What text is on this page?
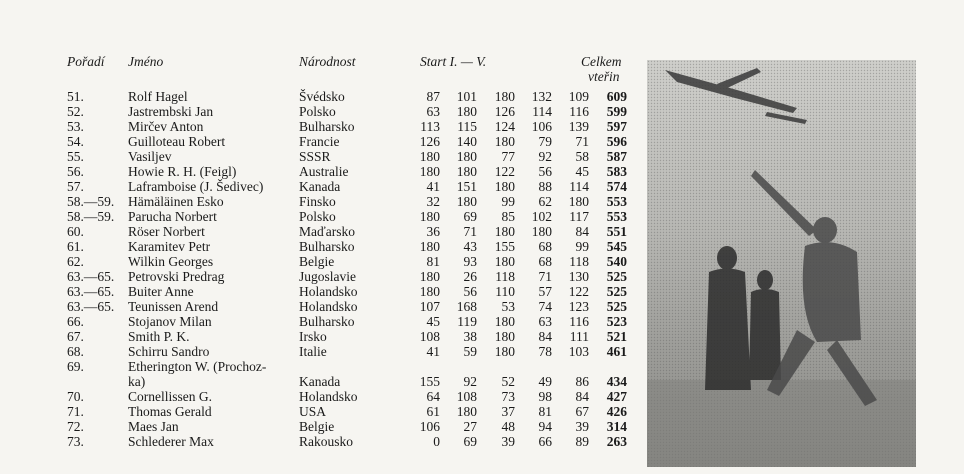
Pořadí Jméno	Národnost	Start I. — V.	Celkem
vteřin
51.	Rolf Hagel	Švédsko	87	101	180	132	109	609
52.	Jastrembski Jan	Polsko	63	180	126	114	116	599
53.	Mirčev Anton	Bulharsko	113	115	124	106	139	597
54.	Guilloteau Robert	Francie	126	140	180	79	71	596
55.	Vasiljev	SSSR	180	180	77	92	58	587
56.	Howie R. H. (Feigl)	Australie	180	180	122	56	45	583
57.	Laframboise (J. Šedivec)	Kanada	41	151	180	88	114	574
58.—59. Hämäläinen Esko	Finsko	32	180	99	62	180	553
58.—59. Parucha Norbert	Polsko	180	69	85	102	117	553
60.	Röser Norbert	Maďarsko	36	71	180	180	84	551
61.	Karamitev Petr	Bulharsko	180	43	155	68	99	545
62.	Wilkin Georges	Belgie	81	93	180	68	118	540
63.—65. Petrovski Predrag	Jugoslavie	180	26	118	71	130	525
63.—65. Buiter Anne	Holandsko	180	56	110	57	122	525
63.—65. Teunissen Arend	Holandsko	107	168	53	74	123	525
66.	Stojanov Milan	Bulharsko	45	119	180	63	116	523
67.	Smith P. K.	Irsko	108	38	180	84	111	521
68.	Schirru Sandro	Italie	41	59	180	78	103	461
69.	Etherington W. (Prochoz-
ka)	Kanada	155	92	52	49	86	434
70.	Cornellissen G.	Holandsko	64	108	73	98	84	427
71.	Thomas Gerald	USA	61	180	37	81	67	426
72.	Maes Jan	Belgie	106	27	48	94	39	314
73.	Schlederer Max	Rakousko	0	69	39	66	89	263
